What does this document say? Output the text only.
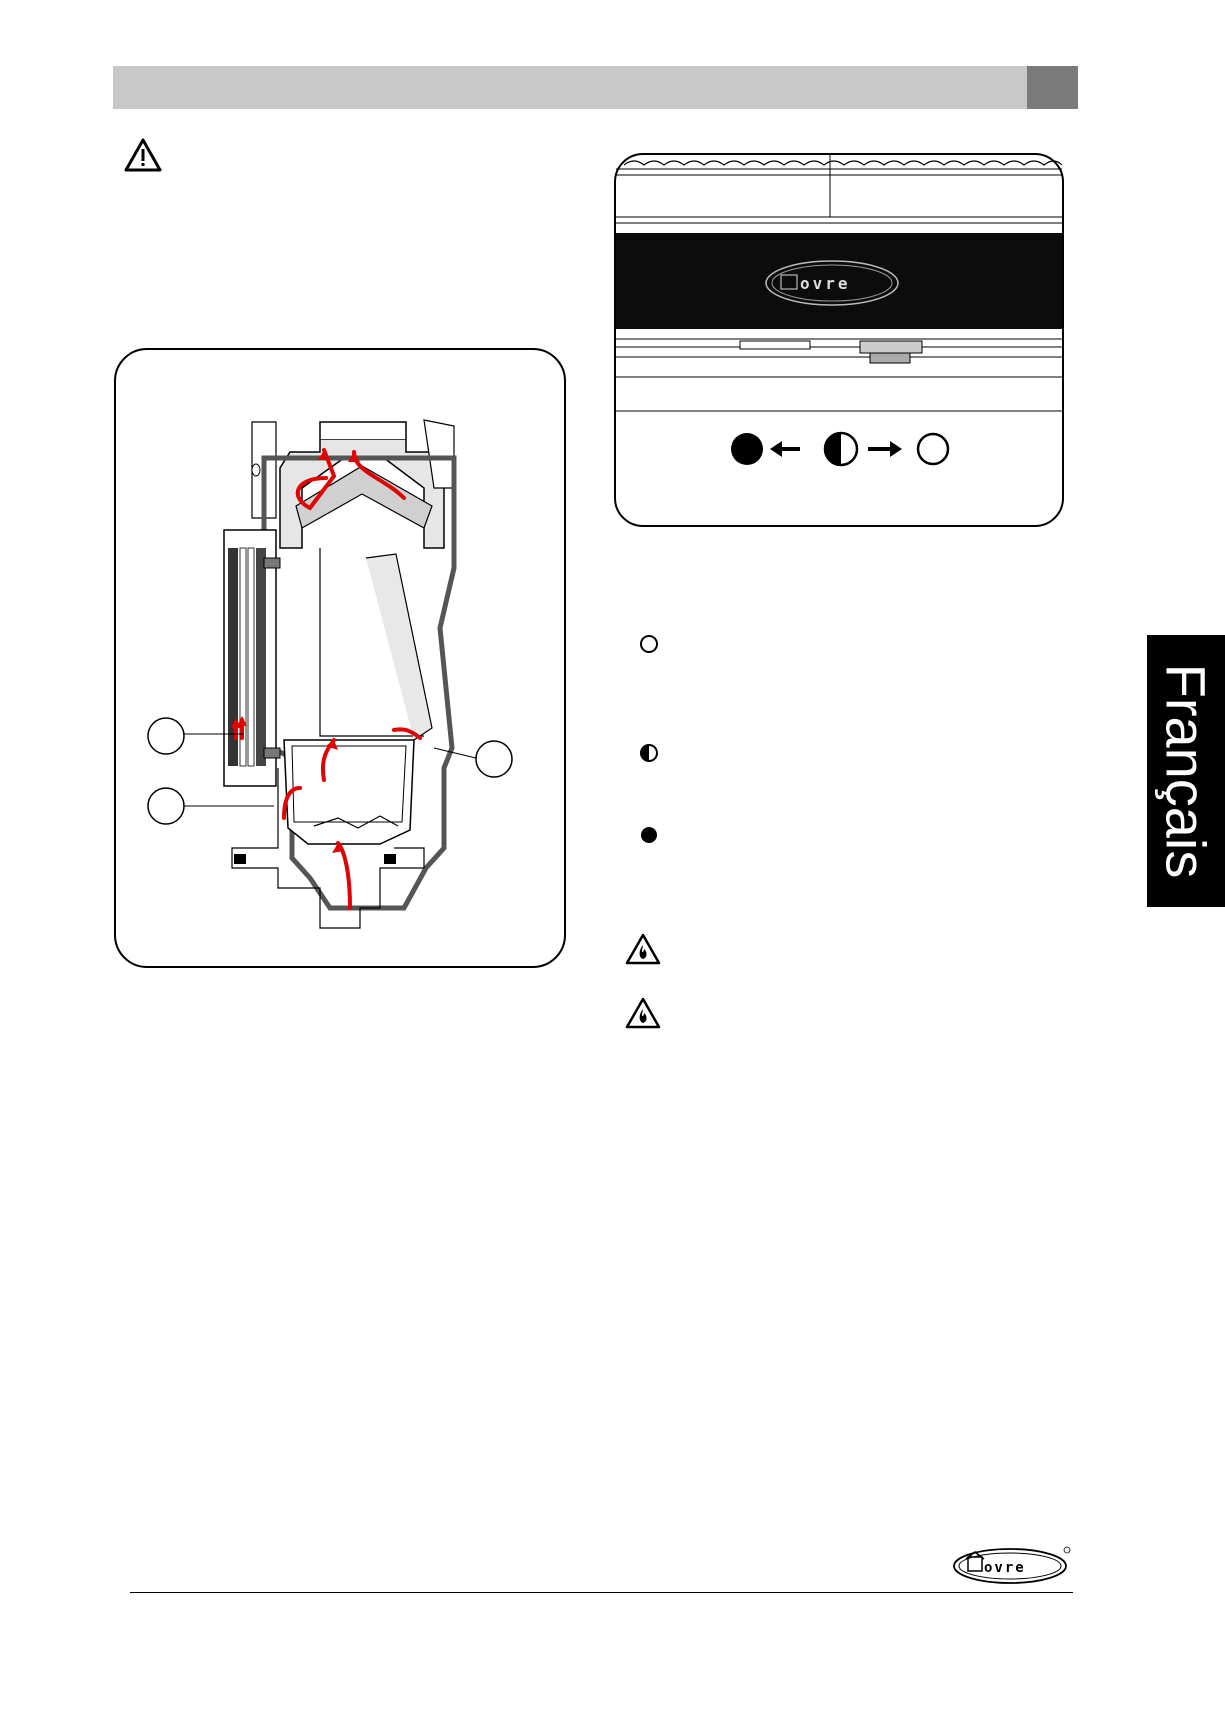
ovre
Français
ovre
